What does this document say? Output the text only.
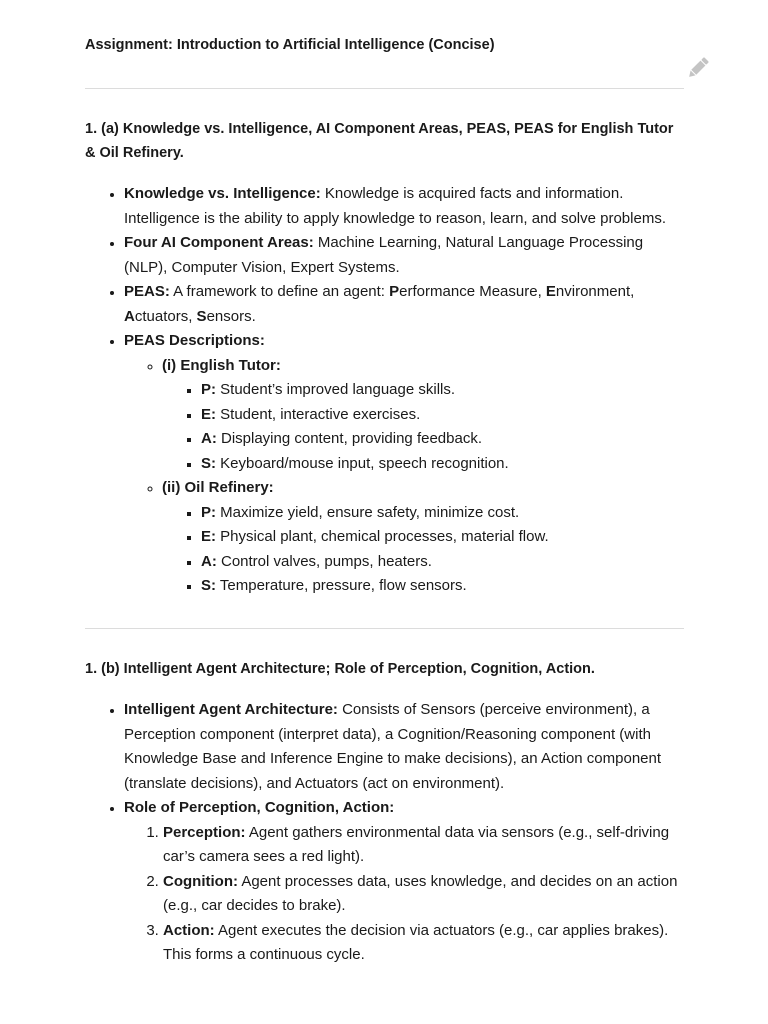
Assignment: Introduction to Artificial Intelligence (Concise)
1. (a) Knowledge vs. Intelligence, AI Component Areas, PEAS, PEAS for English Tutor & Oil Refinery.
• Knowledge vs. Intelligence: Knowledge is acquired facts and information. Intelligence is the ability to apply knowledge to reason, learn, and solve problems.
• Four AI Component Areas: Machine Learning, Natural Language Processing (NLP), Computer Vision, Expert Systems.
• PEAS: A framework to define an agent: Performance Measure, Environment, Actuators, Sensors.
• PEAS Descriptions:
◦ (i) English Tutor:
▪ P: Student’s improved language skills.
▪ E: Student, interactive exercises.
▪ A: Displaying content, providing feedback.
▪ S: Keyboard/mouse input, speech recognition.
◦ (ii) Oil Refinery:
▪ P: Maximize yield, ensure safety, minimize cost.
▪ E: Physical plant, chemical processes, material flow.
▪ A: Control valves, pumps, heaters.
▪ S: Temperature, pressure, flow sensors.
1. (b) Intelligent Agent Architecture; Role of Perception, Cognition, Action.
• Intelligent Agent Architecture: Consists of Sensors (perceive environment), a Perception component (interpret data), a Cognition/Reasoning component (with Knowledge Base and Inference Engine to make decisions), an Action component (translate decisions), and Actuators (act on environment).
• Role of Perception, Cognition, Action:
1. Perception: Agent gathers environmental data via sensors (e.g., self-driving car’s camera sees a red light).
2. Cognition: Agent processes data, uses knowledge, and decides on an action (e.g., car decides to brake).
3. Action: Agent executes the decision via actuators (e.g., car applies brakes). This forms a continuous cycle.
